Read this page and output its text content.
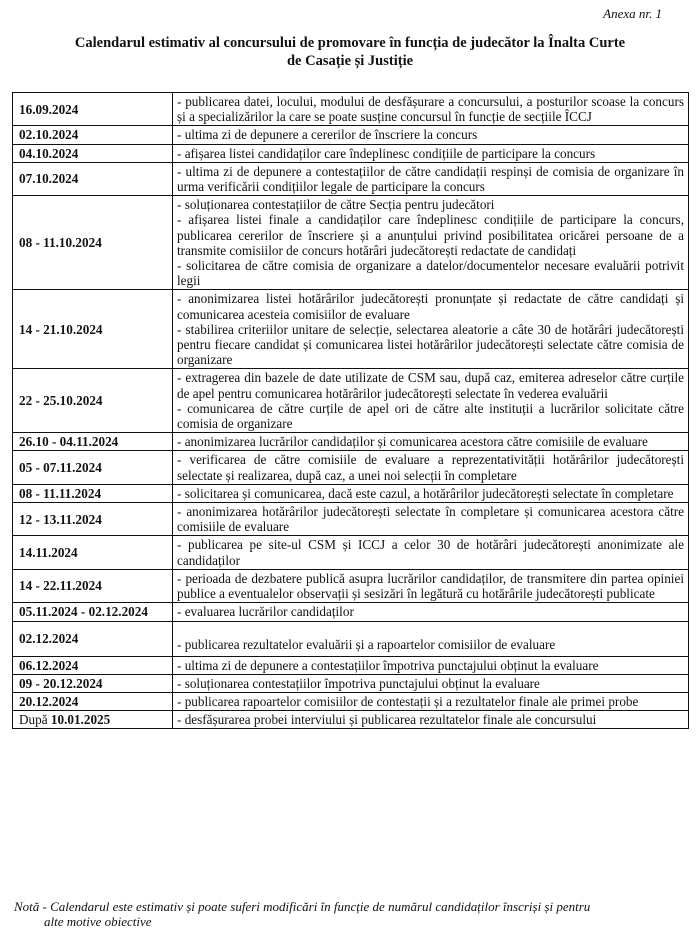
Anexa nr. 1
Calendarul estimativ al concursului de promovare în funcția de judecător la Înalta Curte
de Casație și Justiție
16.09.2024	- publicarea datei, locului, modului de desfășurare a concursului, a posturilor scoase la concurs și a specializărilor la care se poate susține concursul în funcție de secțiile ÎCCJ

02.10.2024	- ultima zi de depunere a cererilor de înscriere la concurs

04.10.2024	- afișarea listei candidaților care îndeplinesc condițiile de participare la concurs

07.10.2024	- ultima zi de depunere a contestațiilor de către candidații respinși de comisia de organizare în urma verificării condițiilor legale de participare la concurs

08 - 11.10.2024	- soluționarea contestațiilor de către Secția pentru judecători
- afișarea listei finale a candidaților care îndeplinesc condițiile de participare la concurs, publicarea cererilor de înscriere și a anunțului privind posibilitatea oricărei persoane de a transmite comisiilor de concurs hotărâri judecătorești redactate de candidați
- solicitarea de către comisia de organizare a datelor/documentelor necesare evaluării potrivit legii

14 - 21.10.2024	- anonimizarea listei hotărârilor judecătorești pronunțate și redactate de către candidați și comunicarea acesteia comisiilor de evaluare
- stabilirea criteriilor unitare de selecție, selectarea aleatorie a câte 30 de hotărâri judecătorești pentru fiecare candidat și comunicarea listei hotărârilor judecătorești selectate către comisia de organizare

22 - 25.10.2024	- extragerea din bazele de date utilizate de CSM sau, după caz, emiterea adreselor către curțile de apel pentru comunicarea hotărârilor judecătorești selectate în vederea evaluării
- comunicarea de către curțile de apel ori de către alte instituții a lucrărilor solicitate către comisia de organizare

26.10 - 04.11.2024	- anonimizarea lucrărilor candidaților și comunicarea acestora către comisiile de evaluare

05 - 07.11.2024	- verificarea de către comisiile de evaluare a reprezentativității hotărârilor judecătorești selectate și realizarea, după caz, a unei noi selecții în completare

08 - 11.11.2024	- solicitarea și comunicarea, dacă este cazul, a hotărârilor judecătorești selectate în completare

12 - 13.11.2024	- anonimizarea hotărârilor judecătorești selectate în completare și comunicarea acestora către comisiile de evaluare

14.11.2024	- publicarea pe site-ul CSM și ICCJ a celor 30 de hotărâri judecătorești anonimizate ale candidaților

14 - 22.11.2024	- perioada de dezbatere publică asupra lucrărilor candidaților, de transmitere din partea opiniei publice a eventualelor observații și sesizări în legătură cu hotărârile judecătorești publicate

05.11.2024 - 02.12.2024	- evaluarea lucrărilor candidaților

02.12.2024	- publicarea rezultatelor evaluării și a rapoartelor comisiilor de evaluare

06.12.2024	- ultima zi de depunere a contestațiilor împotriva punctajului obținut la evaluare

09 - 20.12.2024	- soluționarea contestațiilor împotriva punctajului obținut la evaluare

20.12.2024	- publicarea rapoartelor comisiilor de contestații și a rezultatelor finale ale primei probe

După 10.01.2025	- desfășurarea probei interviului și publicarea rezultatelor finale ale concursului
Notă - Calendarul este estimativ și poate suferi modificări în funcție de numărul candidaților înscriși și pentru
alte motive obiective
